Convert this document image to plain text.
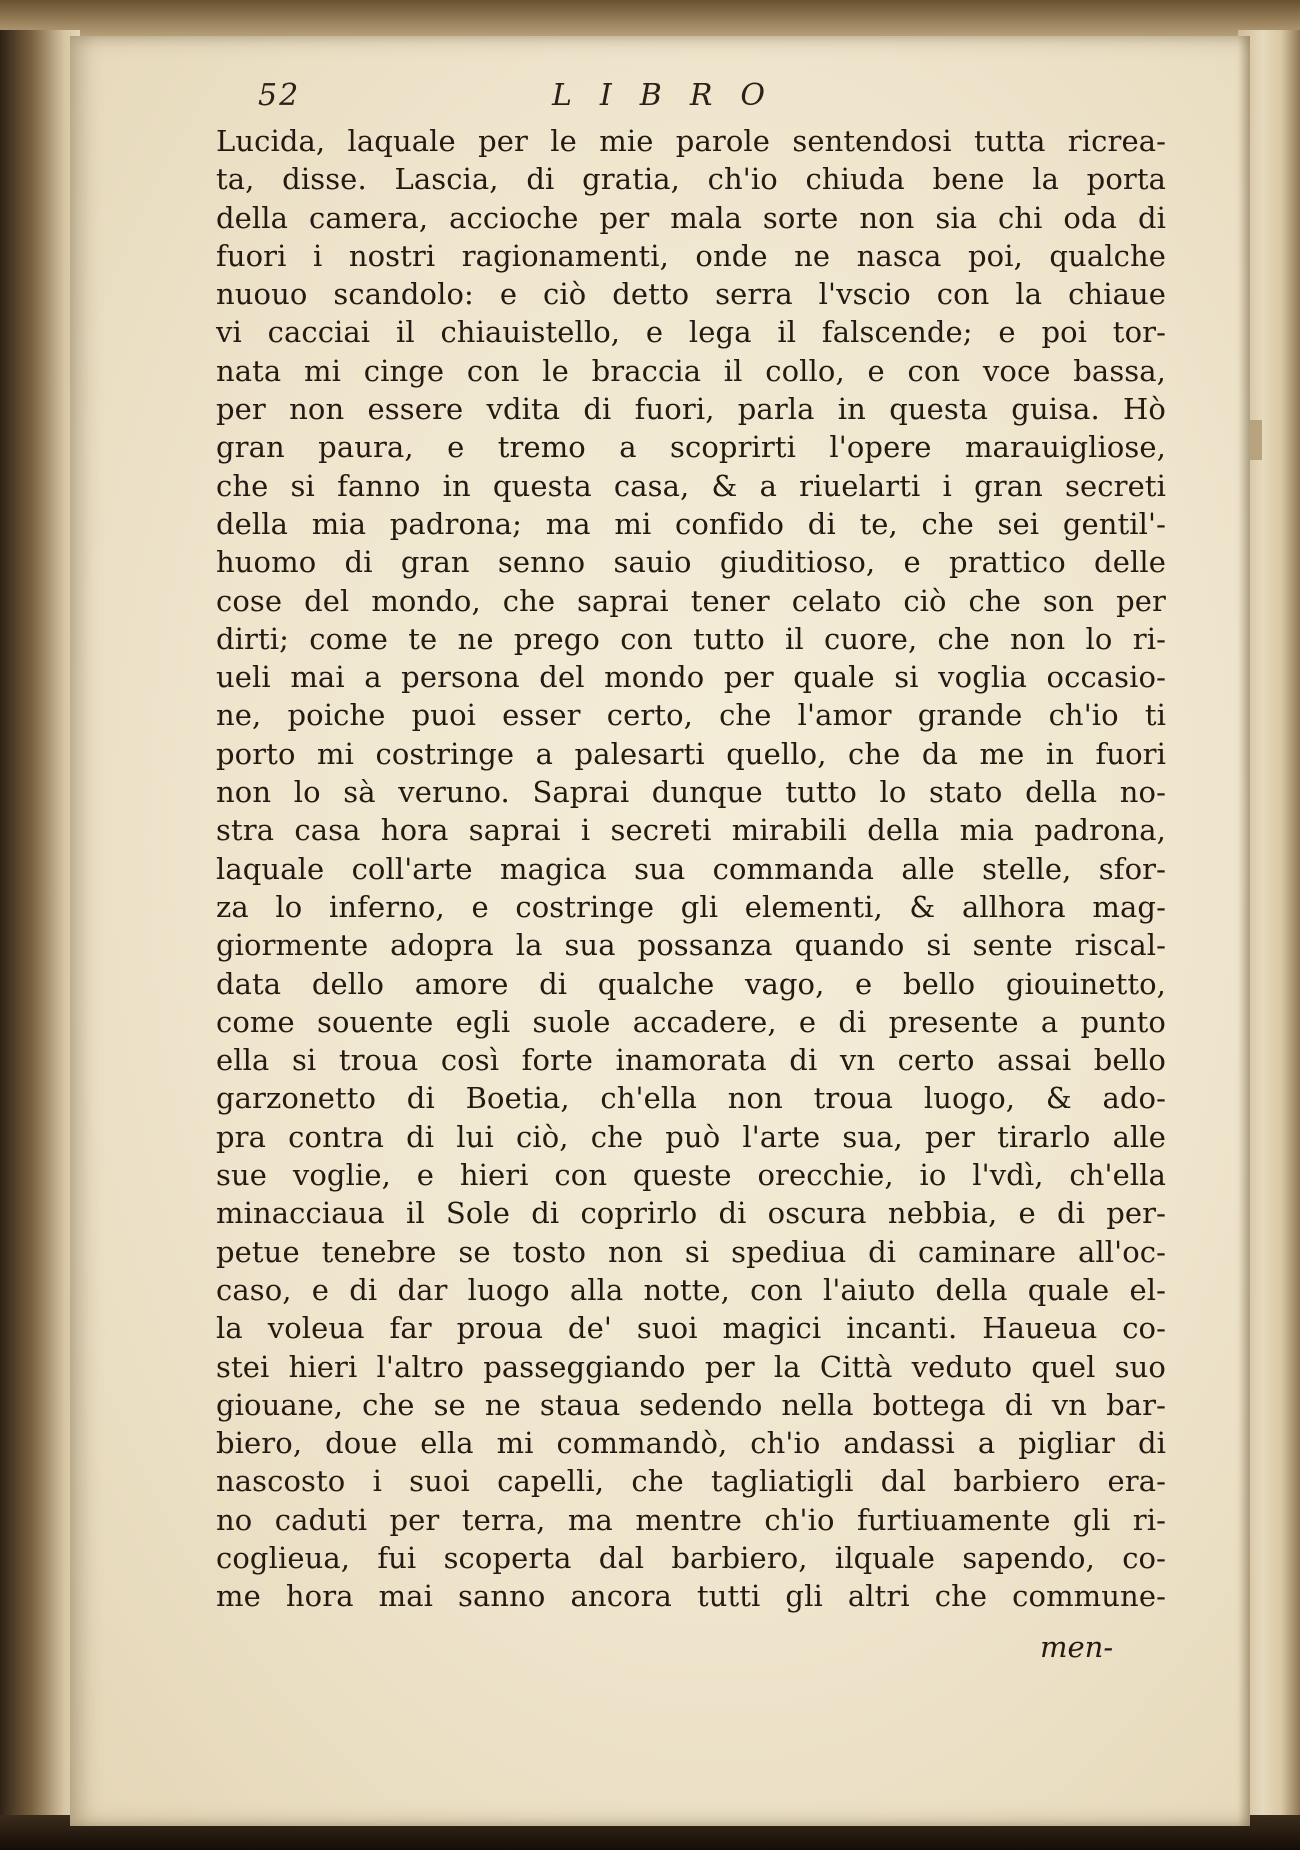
52	LIBRO
Lucida, laquale per le mie parole sentendosi tutta ricrea-
ta, disse. Lascia, di gratia, ch'io chiuda bene la porta
della camera, accioche per mala sorte non sia chi oda di
fuori i nostri ragionamenti, onde ne nasca poi, qualche
nuouo scandolo: e ciò detto serra l'vscio con la chiaue
vi cacciai il chiauistello, e lega il falscende; e poi tor-
nata mi cinge con le braccia il collo, e con voce bassa,
per non essere vdita di fuori, parla in questa guisa. Hò
gran paura, e tremo a scoprirti l'opere marauigliose,
che si fanno in questa casa, & a riuelarti i gran secreti
della mia padrona; ma mi confido di te, che sei gentil'-
huomo di gran senno sauio giuditioso, e prattico delle
cose del mondo, che saprai tener celato ciò che son per
dirti; come te ne prego con tutto il cuore, che non lo ri-
ueli mai a persona del mondo per quale si voglia occasio-
ne, poiche puoi esser certo, che l'amor grande ch'io ti
porto mi costringe a palesarti quello, che da me in fuori
non lo sà veruno. Saprai dunque tutto lo stato della no-
stra casa hora saprai i secreti mirabili della mia padrona,
laquale coll'arte magica sua commanda alle stelle, sfor-
za lo inferno, e costringe gli elementi, & allhora mag-
giormente adopra la sua possanza quando si sente riscal-
data dello amore di qualche vago, e bello giouinetto,
come souente egli suole accadere, e di presente a punto
ella si troua così forte inamorata di vn certo assai bello
garzonetto di Boetia, ch'ella non troua luogo, & ado-
pra contra di lui ciò, che può l'arte sua, per tirarlo alle
sue voglie, e hieri con queste orecchie, io l'vdì, ch'ella
minacciaua il Sole di coprirlo di oscura nebbia, e di per-
petue tenebre se tosto non si spediua di caminare all'oc-
caso, e di dar luogo alla notte, con l'aiuto della quale el-
la voleua far proua de' suoi magici incanti. Haueua co-
stei hieri l'altro passeggiando per la Città veduto quel suo
giouane, che se ne staua sedendo nella bottega di vn bar-
biero, doue ella mi commandò, ch'io andassi a pigliar di
nascosto i suoi capelli, che tagliatigli dal barbiero era-
no caduti per terra, ma mentre ch'io furtiuamente gli ri-
coglieua, fui scoperta dal barbiero, ilquale sapendo, co-
me hora mai sanno ancora tutti gli altri che commune-
men-
